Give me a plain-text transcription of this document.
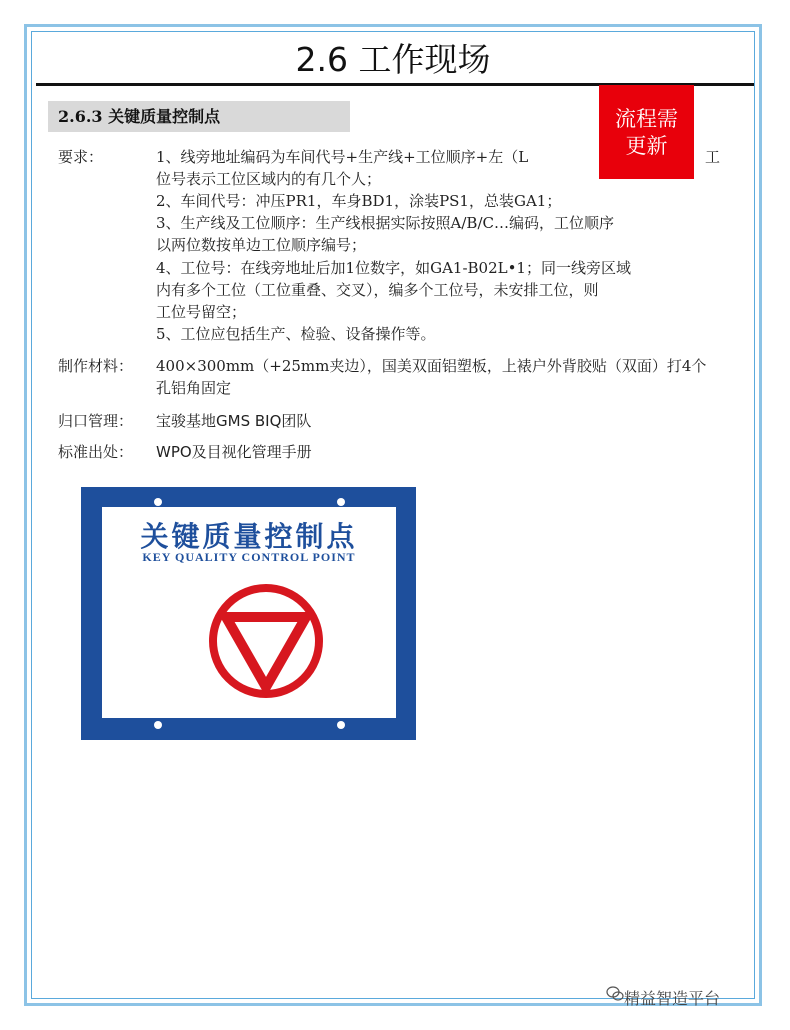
2.6 工作现场
2.6.3 关键质量控制点
要求：	1、线旁地址编码为车间代号+生产线+工位顺序+左（L	工
位号表示工位区域内的有几个人；
2、车间代号：冲压PR1，车身BD1，涂装PS1，总装GA1；
3、生产线及工位顺序：生产线根据实际按照A/B/C…编码，工位顺序
以两位数按单边工位顺序编号；
4、工位号：在线旁地址后加1位数字，如GA1-B02L•1；同一线旁区域
内有多个工位（工位重叠、交叉），编多个工位号，未安排工位，则
工位号留空；
5、工位应包括生产、检验、设备操作等。
流程需
更新
制作材料： 400×300mm（+25mm夹边），国美双面铝塑板，上裱户外背胶贴（双面）打4个孔铝角固定
归口管理： 宝骏基地GMS BIQ团队
标准出处： WPO及目视化管理手册
关键质量控制点
KEY QUALITY CONTROL POINT
精益智造平台
